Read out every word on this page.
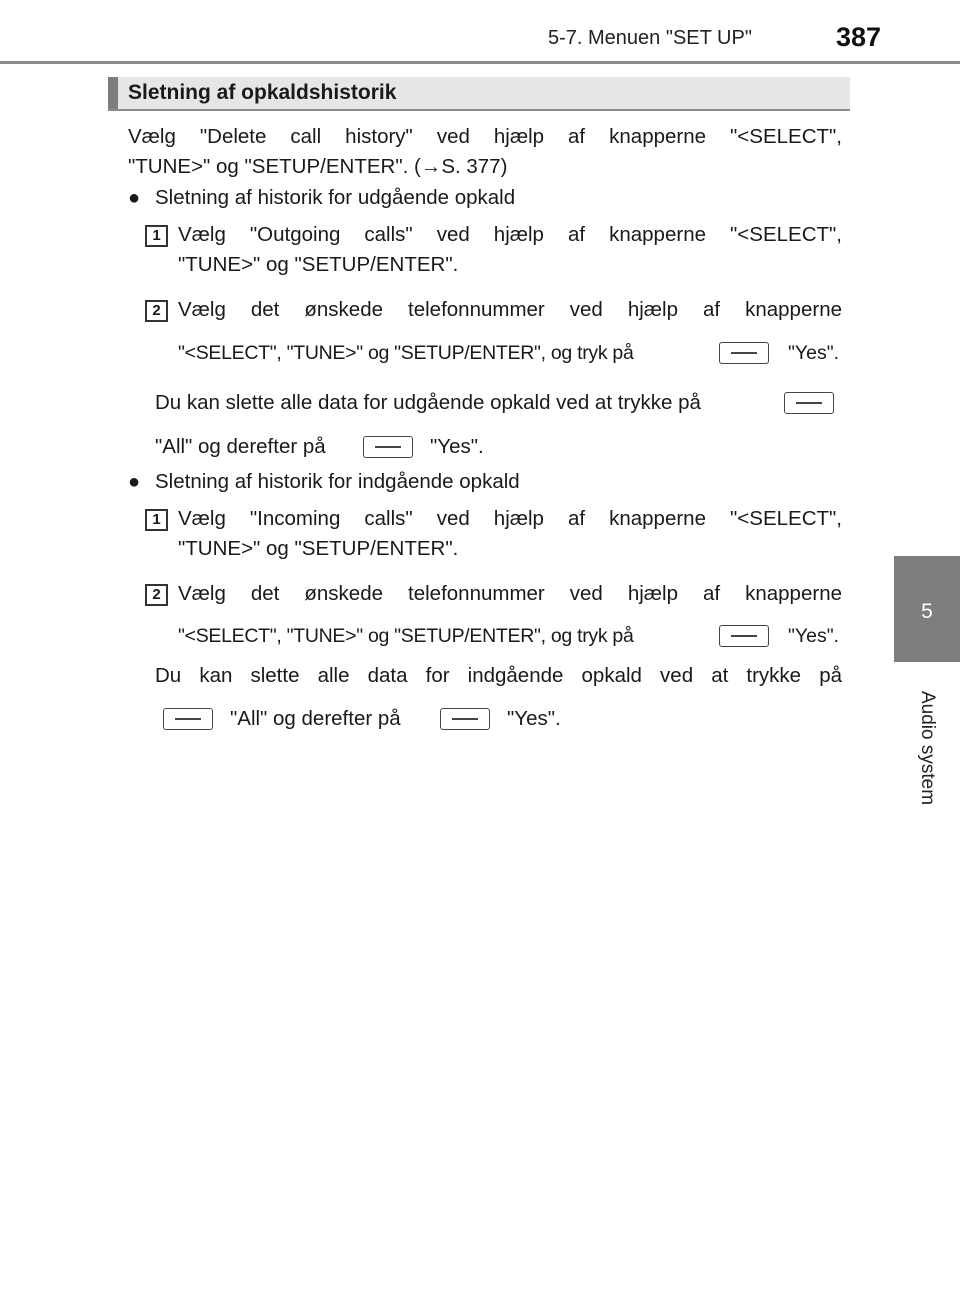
5-7. Menuen "SET UP"	387
5
Audio system
Sletning af opkaldshistorik
Vælg "Delete call history" ved hjælp af knapperne "<SELECT",
"TUNE>" og "SETUP/ENTER". (→S. 377)
● Sletning af historik for udgående opkald
1 Vælg "Outgoing calls" ved hjælp af knapperne "<SELECT",
"TUNE>" og "SETUP/ENTER".
2 Vælg det ønskede telefonnummer ved hjælp af knapperne
"<SELECT", "TUNE>" og "SETUP/ENTER", og tryk på	"Yes".
Du kan slette alle data for udgående opkald ved at trykke på
"All" og derefter på	"Yes".
● Sletning af historik for indgående opkald
1 Vælg "Incoming calls" ved hjælp af knapperne "<SELECT",
"TUNE>" og "SETUP/ENTER".
2 Vælg det ønskede telefonnummer ved hjælp af knapperne
"<SELECT", "TUNE>" og "SETUP/ENTER", og tryk på	"Yes".
Du kan slette alle data for indgående opkald ved at trykke på
"All" og derefter på	"Yes".
